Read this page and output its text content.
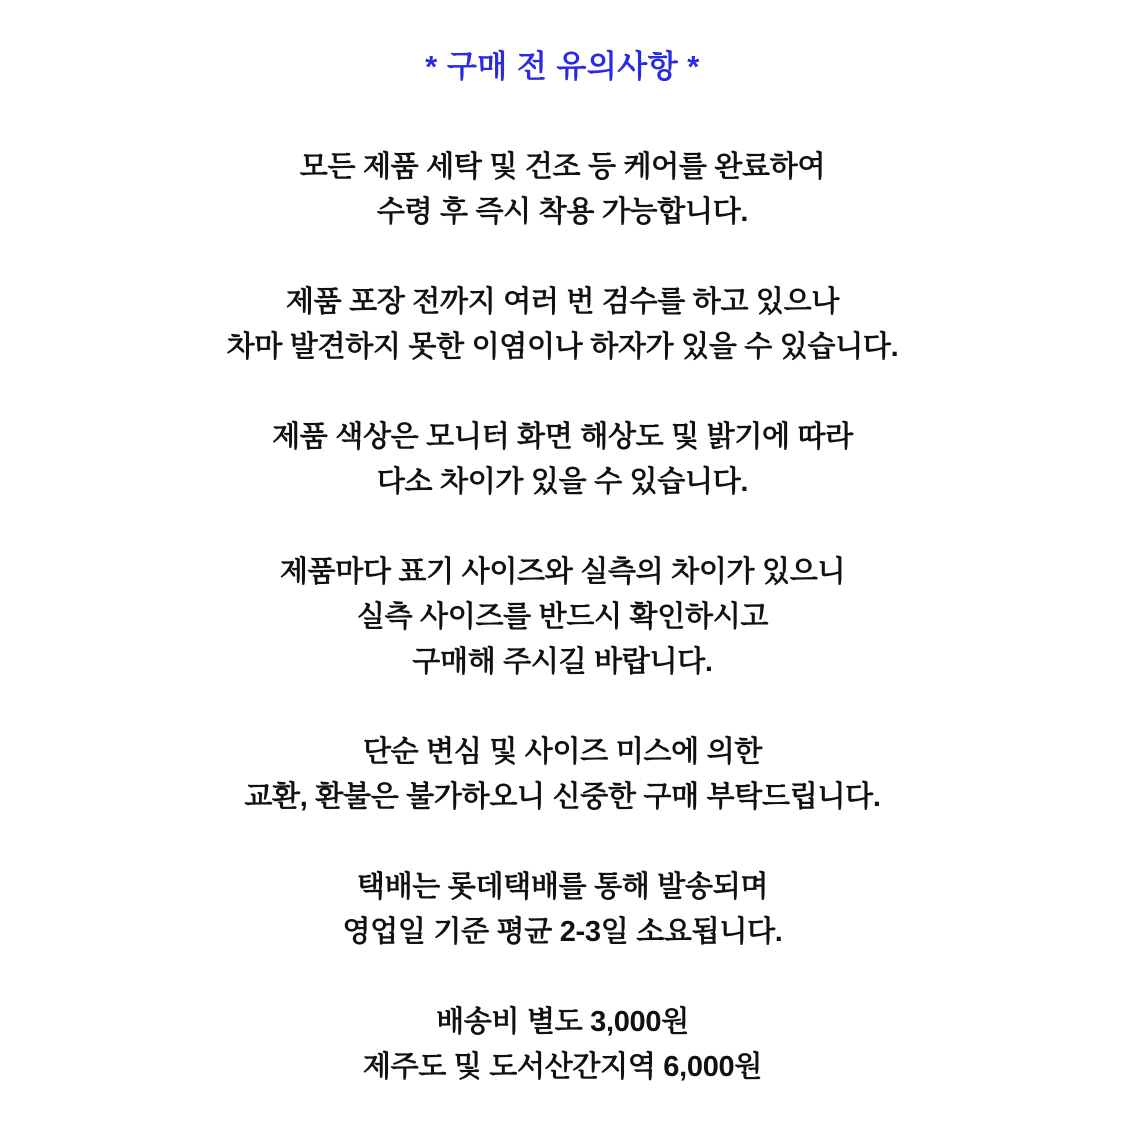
* 구매 전 유의사항 *

모든 제품 세탁 및 건조 등 케어를 완료하여
수령 후 즉시 착용 가능합니다.

제품 포장 전까지 여러 번 검수를 하고 있으나
차마 발견하지 못한 이염이나 하자가 있을 수 있습니다.

제품 색상은 모니터 화면 해상도 및 밝기에 따라
다소 차이가 있을 수 있습니다.

제품마다 표기 사이즈와 실측의 차이가 있으니
실측 사이즈를 반드시 확인하시고
구매해 주시길 바랍니다.

단순 변심 및 사이즈 미스에 의한
교환, 환불은 불가하오니 신중한 구매 부탁드립니다.

택배는 롯데택배를 통해 발송되며
영업일 기준 평균 2-3일 소요됩니다.

배송비 별도 3,000원
제주도 및 도서산간지역 6,000원
